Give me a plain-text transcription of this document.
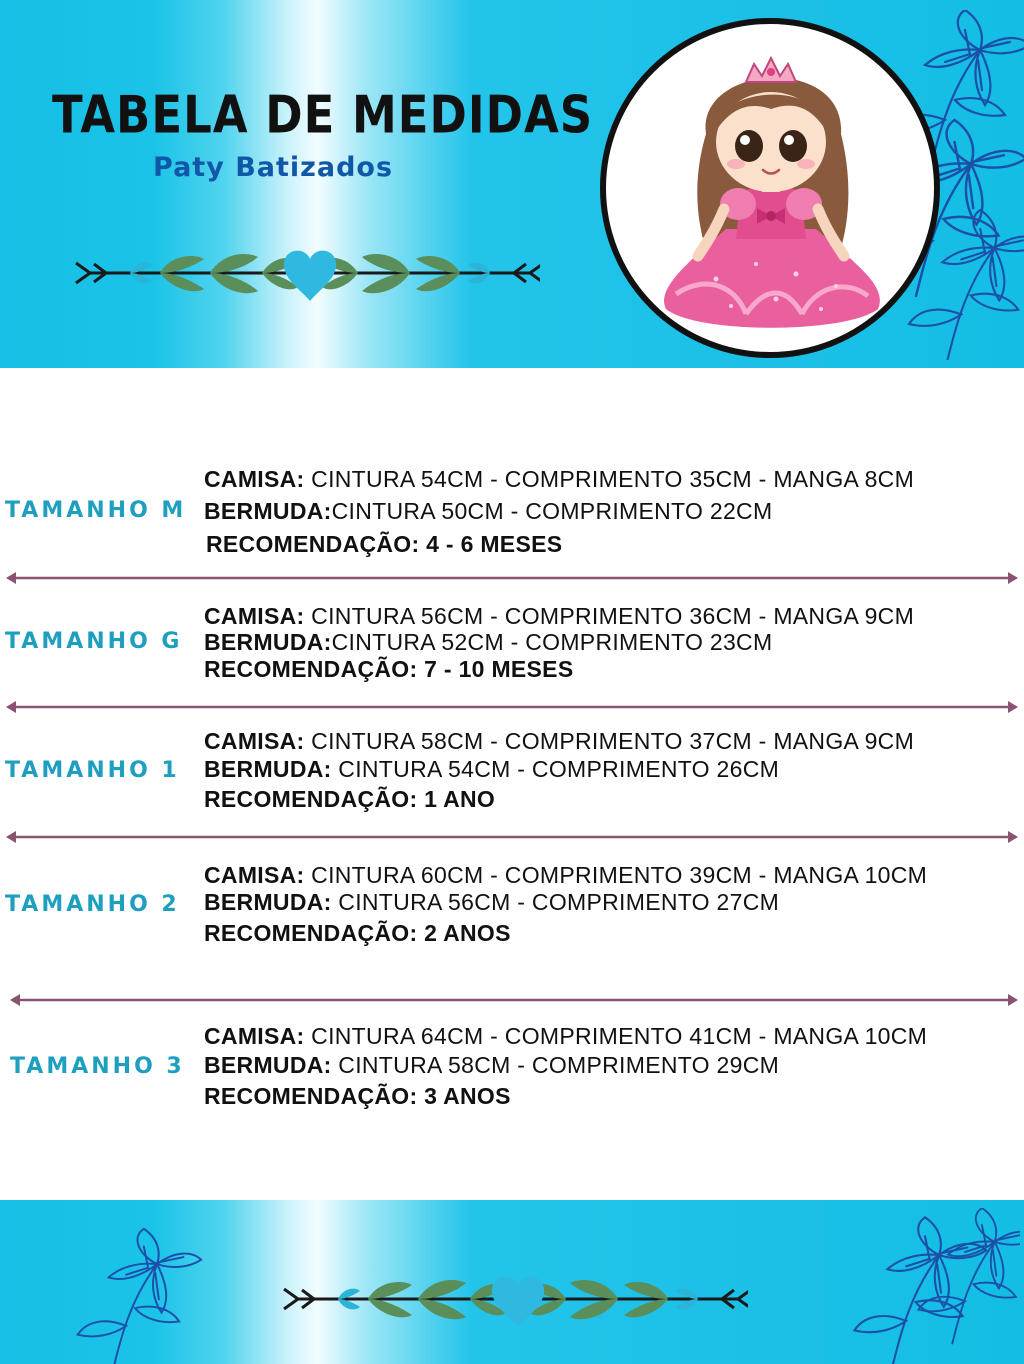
TABELA DE MEDIDAS

Paty Batizados

TAMANHO M
CAMISA: CINTURA 54CM - COMPRIMENTO 35CM - MANGA 8CM
BERMUDA:CINTURA 50CM - COMPRIMENTO 22CM
RECOMENDAÇÃO: 4 - 6 MESES
TAMANHO G
CAMISA: CINTURA 56CM - COMPRIMENTO 36CM - MANGA 9CM
BERMUDA:CINTURA 52CM - COMPRIMENTO 23CM
RECOMENDAÇÃO: 7 - 10 MESES
TAMANHO 1
CAMISA: CINTURA 58CM - COMPRIMENTO 37CM - MANGA 9CM
BERMUDA: CINTURA 54CM - COMPRIMENTO 26CM
RECOMENDAÇÃO: 1 ANO
TAMANHO 2
CAMISA: CINTURA 60CM - COMPRIMENTO 39CM - MANGA 10CM
BERMUDA: CINTURA 56CM - COMPRIMENTO 27CM
RECOMENDAÇÃO: 2 ANOS
TAMANHO 3
CAMISA: CINTURA 64CM - COMPRIMENTO 41CM - MANGA 10CM
BERMUDA: CINTURA 58CM - COMPRIMENTO 29CM
RECOMENDAÇÃO: 3 ANOS
